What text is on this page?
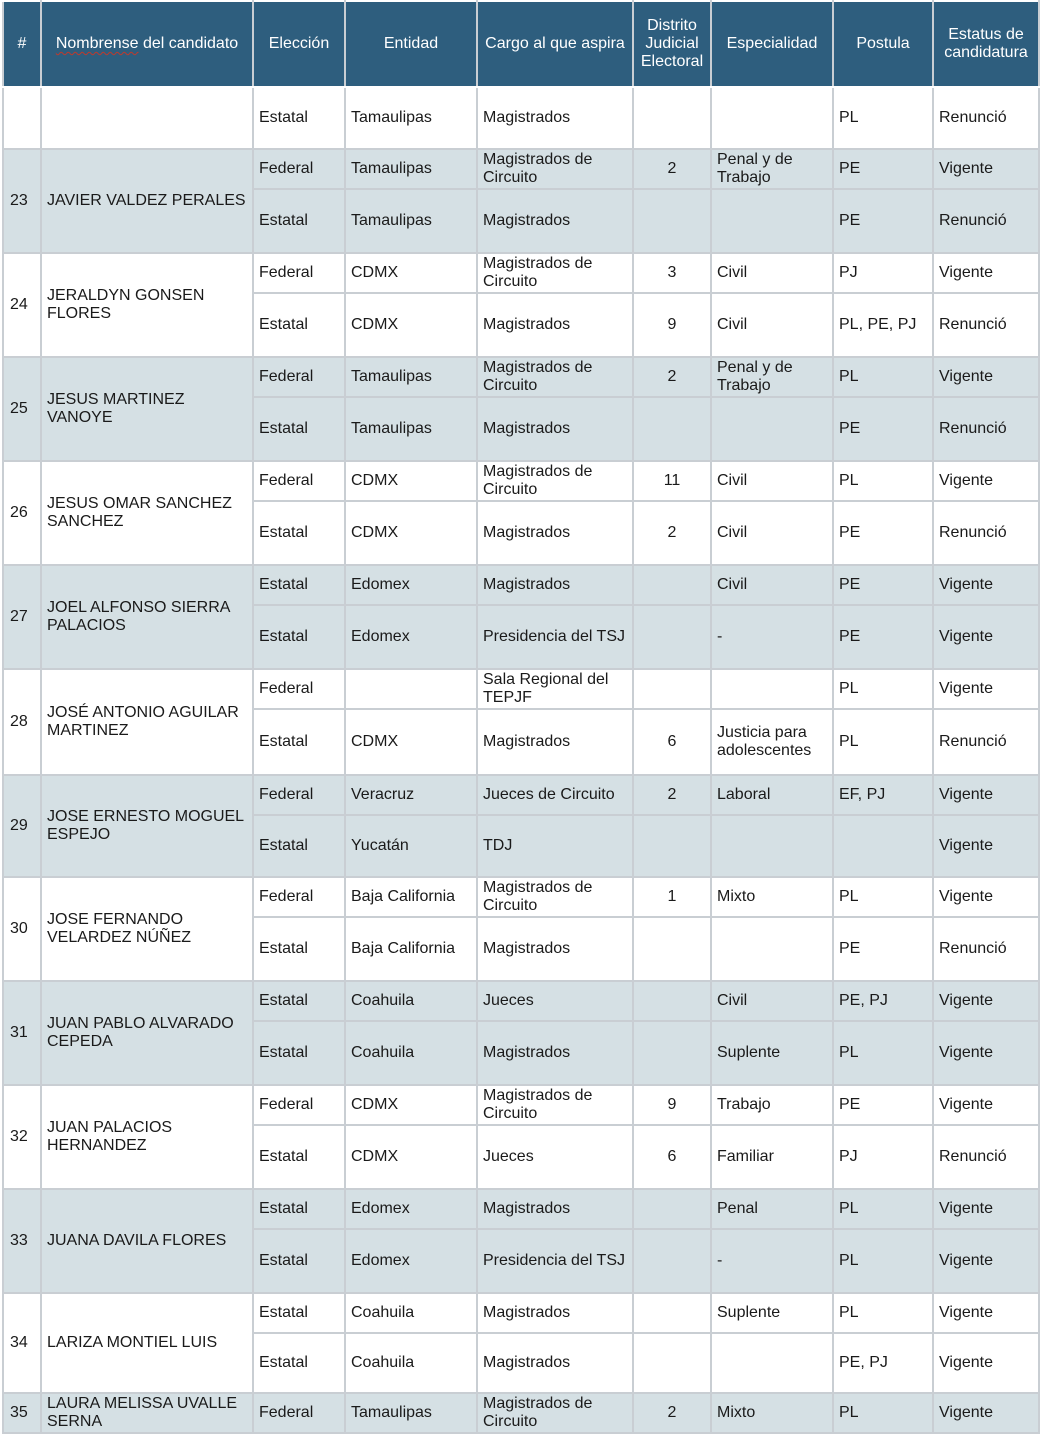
#	Nombrense del candidato	Elección	Entidad	Cargo al que aspira	Distrito Judicial Electoral	Especialidad	Postula	Estatus de candidatura
		Estatal	Tamaulipas	Magistrados			PL	Renunció
23	JAVIER VALDEZ PERALES	Federal	Tamaulipas	Magistrados de Circuito	2	Penal y de Trabajo	PE	Vigente
		Estatal	Tamaulipas	Magistrados			PE	Renunció
24	JERALDYN GONSEN FLORES	Federal	CDMX	Magistrados de Circuito	3	Civil	PJ	Vigente
		Estatal	CDMX	Magistrados	9	Civil	PL, PE, PJ	Renunció
25	JESUS MARTINEZ VANOYE	Federal	Tamaulipas	Magistrados de Circuito	2	Penal y de Trabajo	PL	Vigente
		Estatal	Tamaulipas	Magistrados			PE	Renunció
26	JESUS OMAR SANCHEZ SANCHEZ	Federal	CDMX	Magistrados de Circuito	11	Civil	PL	Vigente
		Estatal	CDMX	Magistrados	2	Civil	PE	Renunció
27	JOEL ALFONSO SIERRA PALACIOS	Estatal	Edomex	Magistrados		Civil	PE	Vigente
		Estatal	Edomex	Presidencia del TSJ		-	PE	Vigente
28	JOSÉ ANTONIO AGUILAR MARTINEZ	Federal		Sala Regional del TEPJF			PL	Vigente
		Estatal	CDMX	Magistrados	6	Justicia para adolescentes	PL	Renunció
29	JOSE ERNESTO MOGUEL ESPEJO	Federal	Veracruz	Jueces de Circuito	2	Laboral	EF, PJ	Vigente
		Estatal	Yucatán	TDJ				Vigente
30	JOSE FERNANDO VELARDEZ NÚÑEZ	Federal	Baja California	Magistrados de Circuito	1	Mixto	PL	Vigente
		Estatal	Baja California	Magistrados			PE	Renunció
31	JUAN PABLO ALVARADO CEPEDA	Estatal	Coahuila	Jueces		Civil	PE, PJ	Vigente
		Estatal	Coahuila	Magistrados		Suplente	PL	Vigente
32	JUAN PALACIOS HERNANDEZ	Federal	CDMX	Magistrados de Circuito	9	Trabajo	PE	Vigente
		Estatal	CDMX	Jueces	6	Familiar	PJ	Renunció
33	JUANA DAVILA FLORES	Estatal	Edomex	Magistrados		Penal	PL	Vigente
		Estatal	Edomex	Presidencia del TSJ		-	PL	Vigente
34	LARIZA MONTIEL LUIS	Estatal	Coahuila	Magistrados		Suplente	PL	Vigente
		Estatal	Coahuila	Magistrados			PE, PJ	Vigente
35	LAURA MELISSA UVALLE SERNA	Federal	Tamaulipas	Magistrados de Circuito	2	Mixto	PL	Vigente
